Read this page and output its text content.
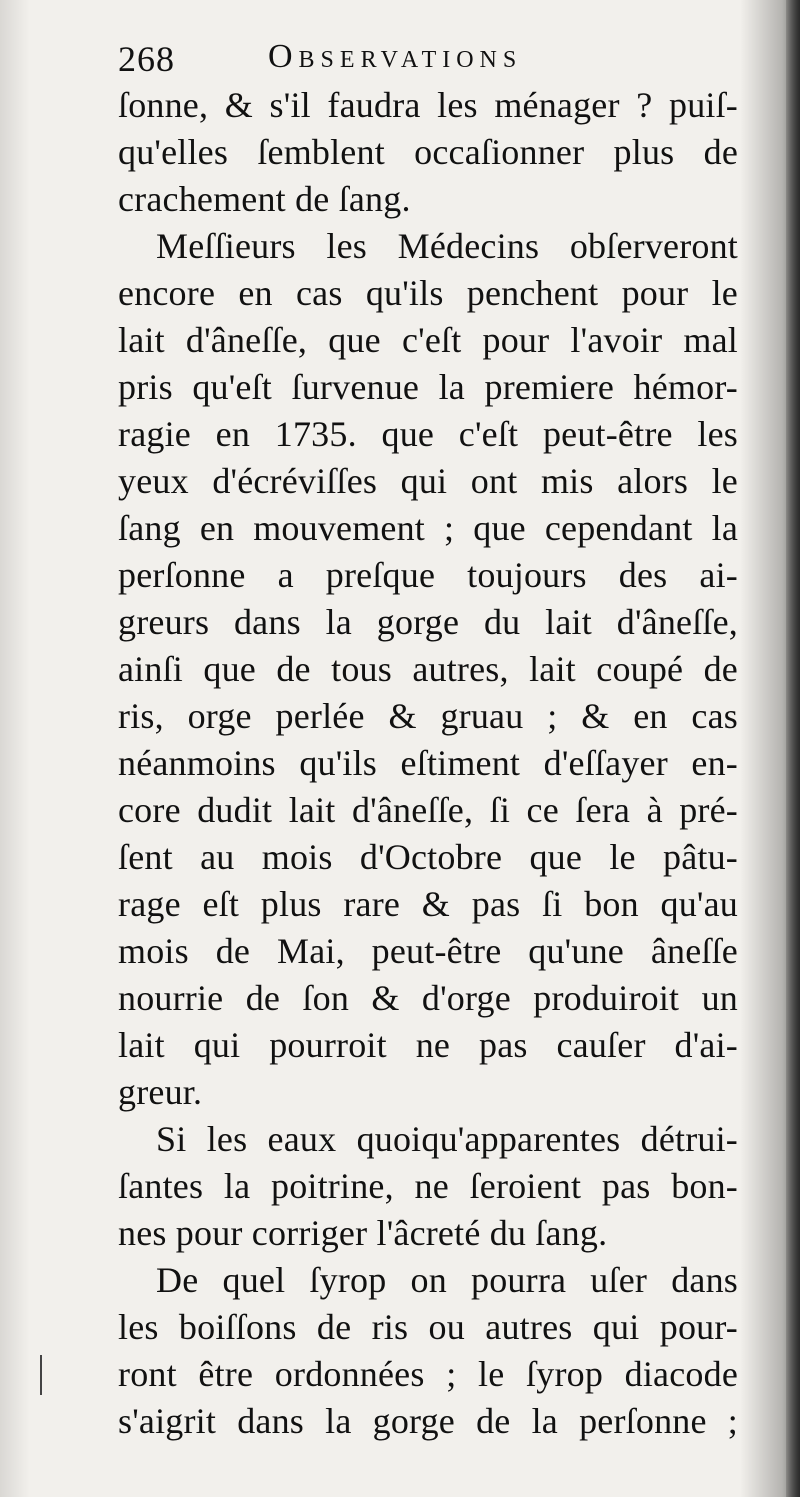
268	Observations
ſonne, & s'il faudra les ménager ? puiſ-
qu'elles ſemblent occaſionner plus de
crachement de ſang.
Meſſieurs les Médecins obſerveront
encore en cas qu'ils penchent pour le
lait d'âneſſe, que c'eſt pour l'avoir mal
pris qu'eſt ſurvenue la premiere hémor-
ragie en 1735. que c'eſt peut-être les
yeux d'écréviſſes qui ont mis alors le
ſang en mouvement ; que cependant la
perſonne a preſque toujours des ai-
greurs dans la gorge du lait d'âneſſe,
ainſi que de tous autres, lait coupé de
ris, orge perlée & gruau ; & en cas
néanmoins qu'ils eſtiment d'eſſayer en-
core dudit lait d'âneſſe, ſi ce ſera à pré-
ſent au mois d'Octobre que le pâtu-
rage eſt plus rare & pas ſi bon qu'au
mois de Mai, peut-être qu'une âneſſe
nourrie de ſon & d'orge produiroit un
lait qui pourroit ne pas cauſer d'ai-
greur.
Si les eaux quoiqu'apparentes détrui-
ſantes la poitrine, ne ſeroient pas bon-
nes pour corriger l'âcreté du ſang.
De quel ſyrop on pourra uſer dans
les boiſſons de ris ou autres qui pour-
ront être ordonnées ; le ſyrop diacode
s'aigrit dans la gorge de la perſonne ;
